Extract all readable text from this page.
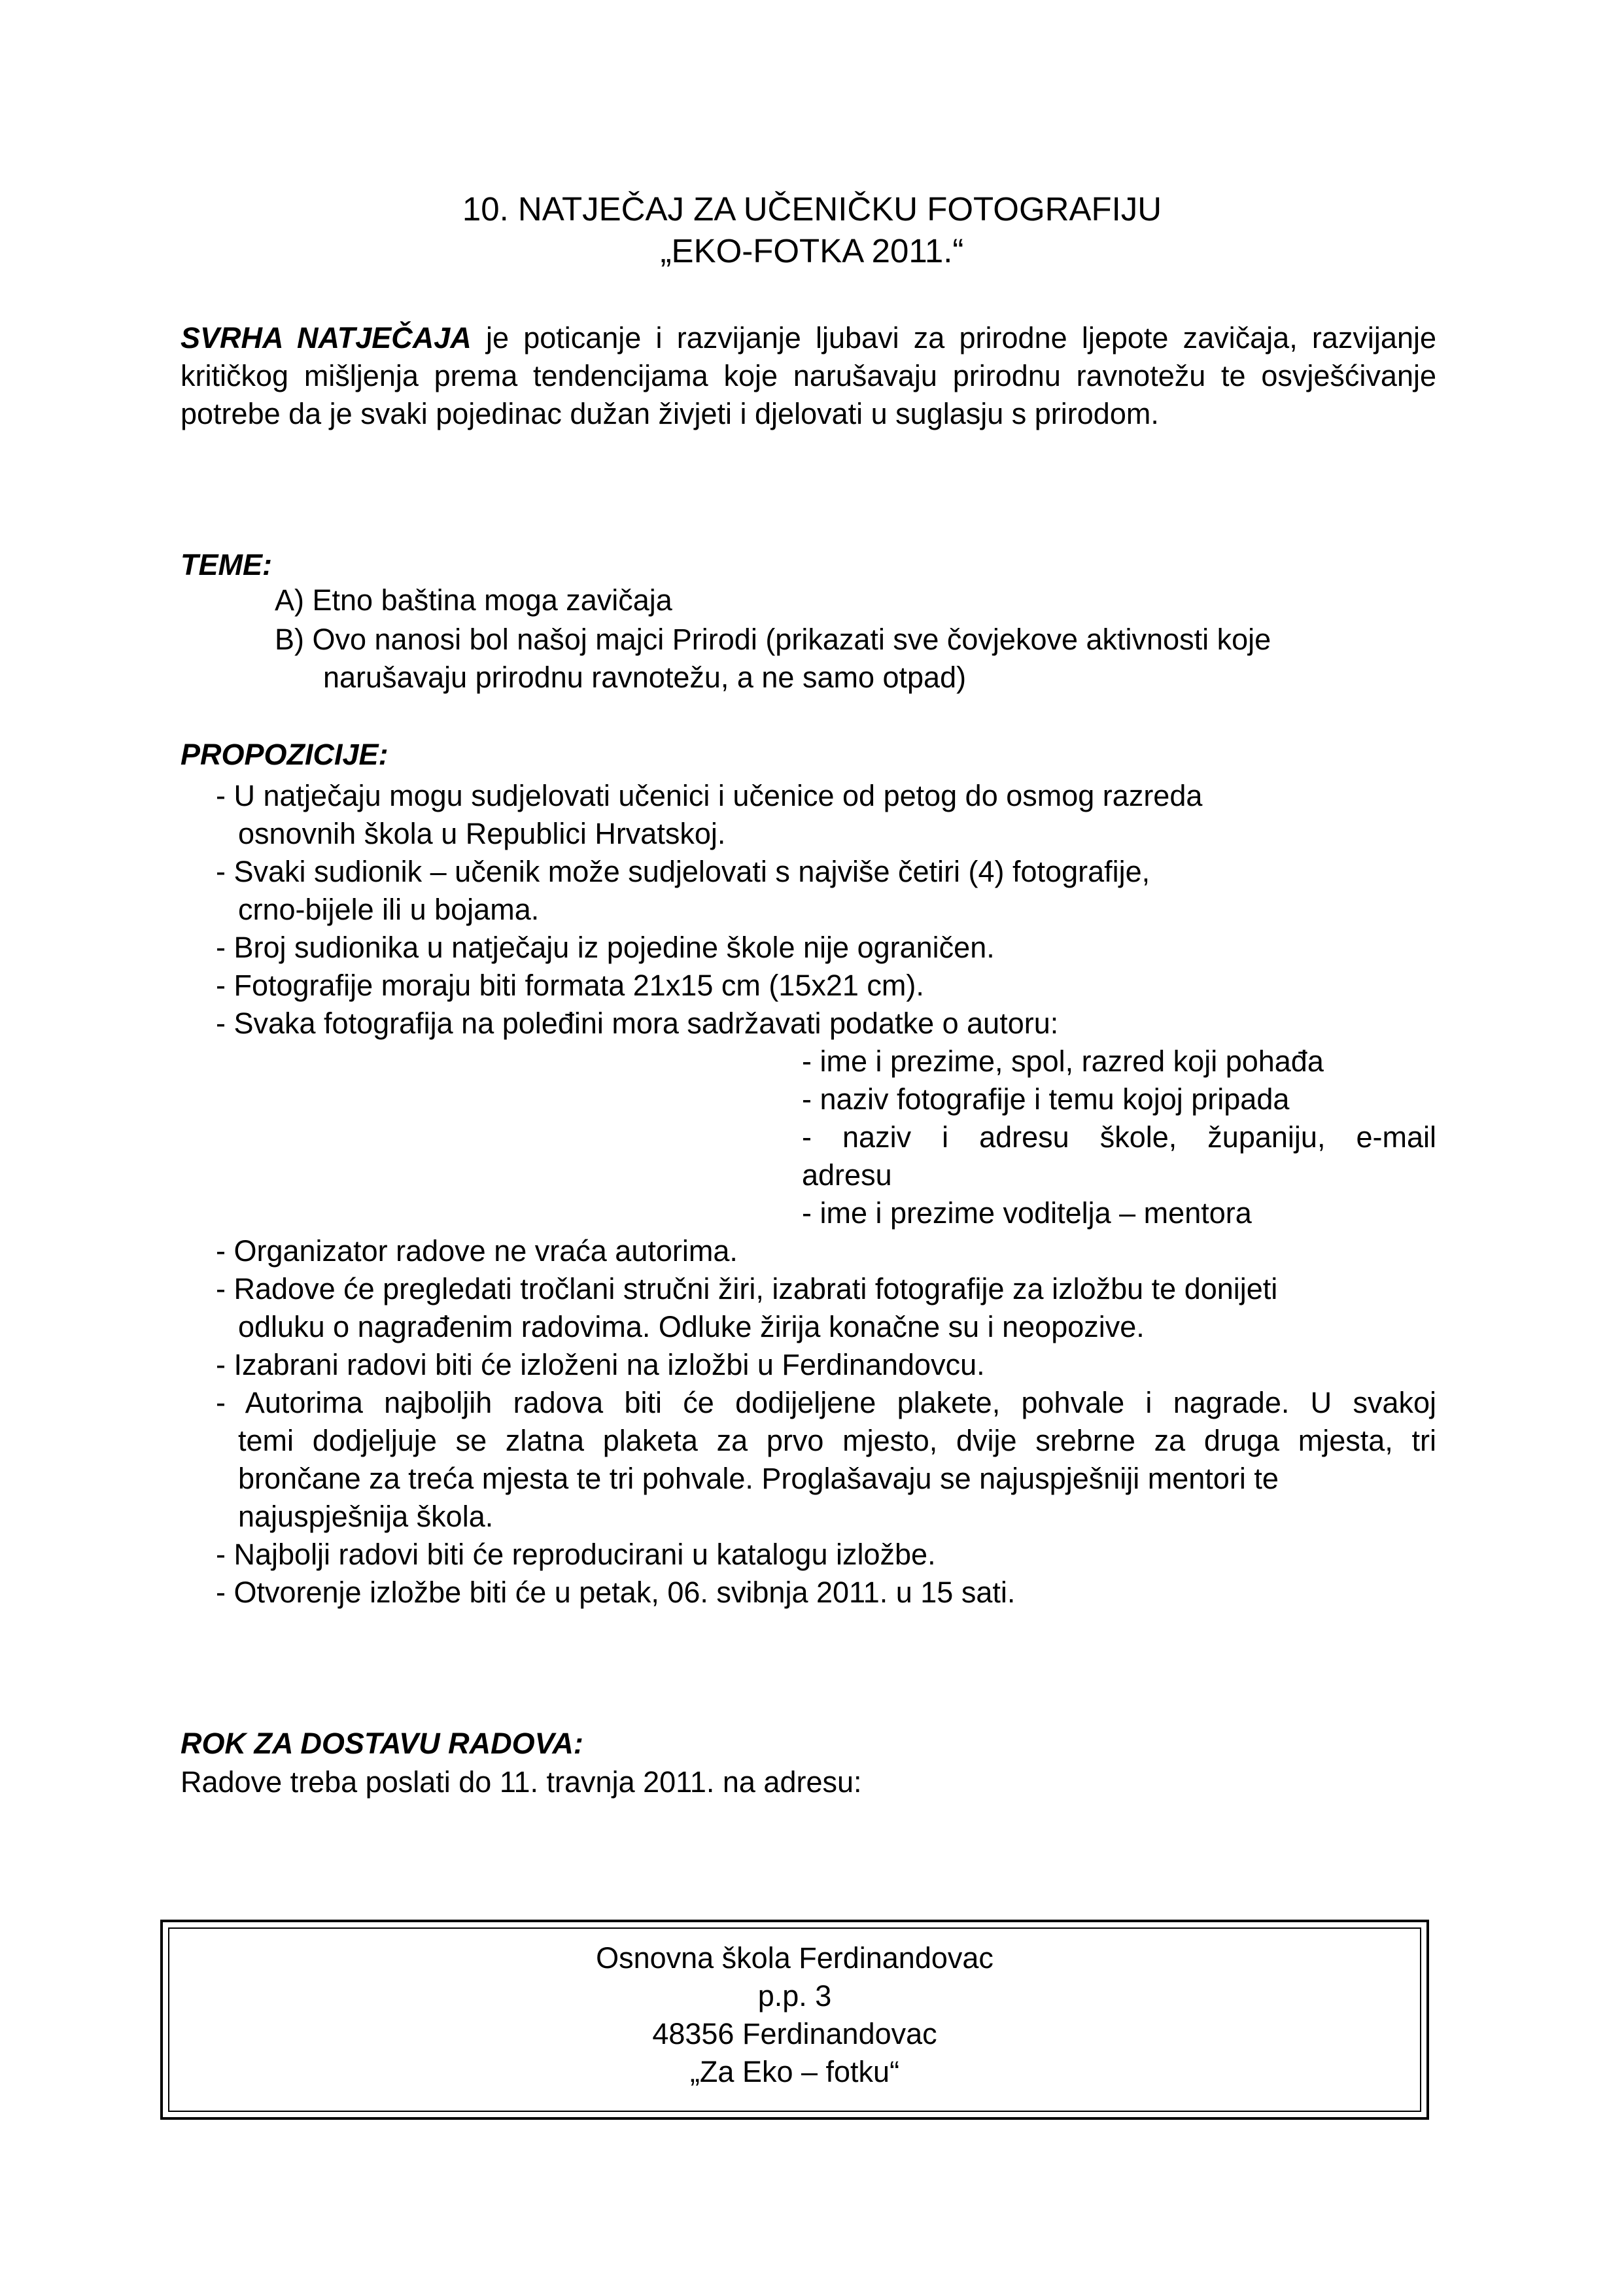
10. NATJEČAJ ZA UČENIČKU FOTOGRAFIJU
„EKO-FOTKA 2011.“
SVRHA NATJEČAJA je poticanje i razvijanje ljubavi za prirodne ljepote zavičaja, razvijanje kritičkog mišljenja prema tendencijama koje narušavaju prirodnu ravnotežu te osvješćivanje potrebe da je svaki pojedinac dužan živjeti i djelovati u suglasju s prirodom.
TEME:
A) Etno baština moga zavičaja
B) Ovo nanosi bol našoj majci Prirodi (prikazati sve čovjekove aktivnosti koje
narušavaju prirodnu ravnotežu, a ne samo otpad)
PROPOZICIJE:
- U natječaju mogu sudjelovati učenici i učenice od petog do osmog razreda
osnovnih škola u Republici Hrvatskoj.
- Svaki sudionik – učenik može sudjelovati s najviše četiri (4) fotografije,
crno-bijele ili u bojama.
- Broj sudionika u natječaju iz pojedine škole nije ograničen.
- Fotografije moraju biti formata 21x15 cm (15x21 cm).
- Svaka fotografija na poleđini mora sadržavati podatke o autoru:
- ime i prezime, spol, razred koji pohađa
- naziv fotografije i temu kojoj pripada
- naziv i adresu škole, županiju, e-mail
adresu
- ime i prezime voditelja – mentora
- Organizator radove ne vraća autorima.
- Radove će pregledati tročlani stručni žiri, izabrati fotografije za izložbu te donijeti
odluku o nagrađenim radovima. Odluke žirija konačne su i neopozive.
- Izabrani radovi biti će izloženi na izložbi u Ferdinandovcu.
- Autorima najboljih radova biti će dodijeljene plakete, pohvale i nagrade. U svakoj
temi dodjeljuje se zlatna plaketa za prvo mjesto, dvije srebrne za druga mjesta, tri
brončane za treća mjesta te tri pohvale. Proglašavaju se najuspješniji mentori te
najuspješnija škola.
- Najbolji radovi biti će reproducirani u katalogu izložbe.
- Otvorenje izložbe biti će u petak, 06. svibnja 2011. u 15 sati.
ROK ZA DOSTAVU RADOVA:
Radove treba poslati do 11. travnja 2011. na adresu:
Osnovna škola Ferdinandovac
p.p. 3
48356 Ferdinandovac
„Za Eko – fotku“
